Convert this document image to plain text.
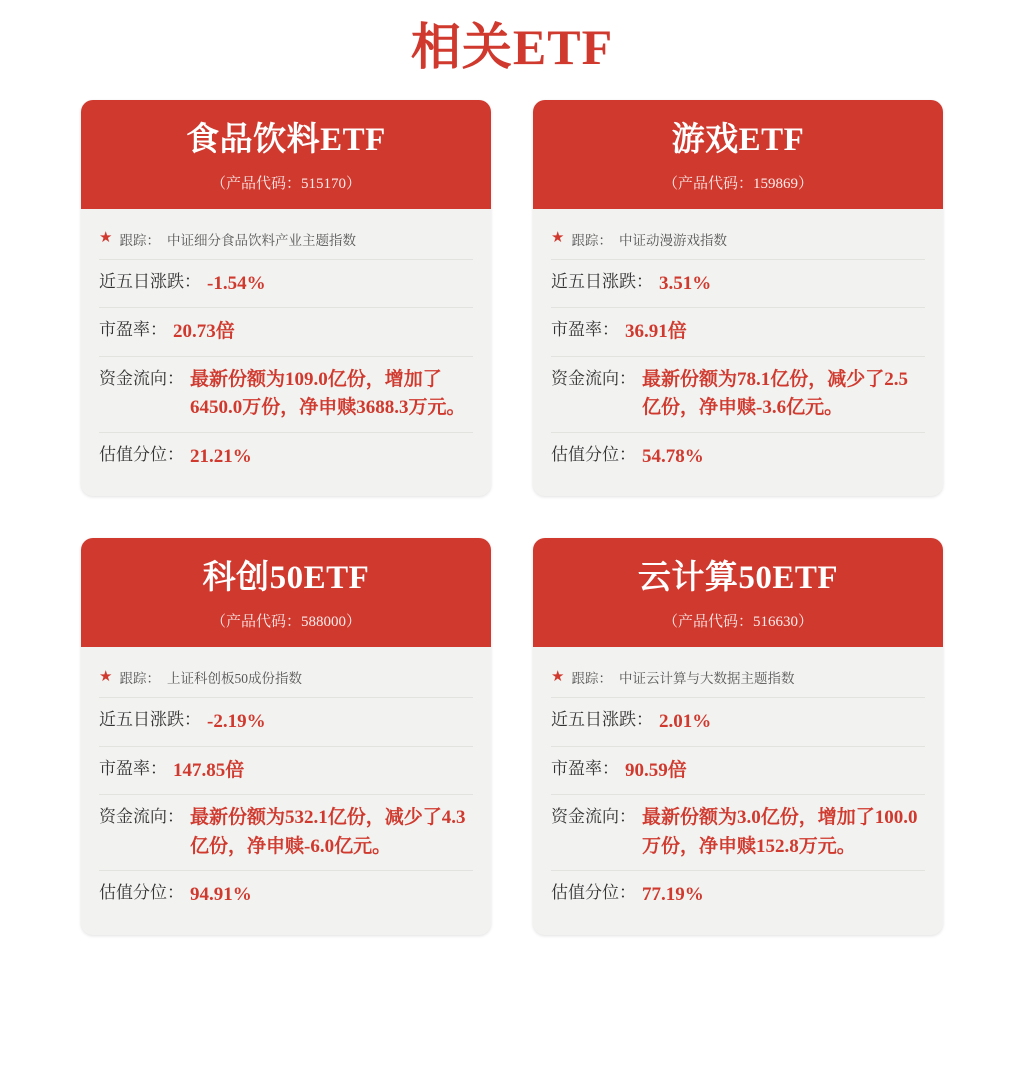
相关ETF
食品饮料ETF
（产品代码：515170）
★ 跟踪： 中证细分食品饮料产业主题指数
近五日涨跌： -1.54%
市盈率： 20.73倍
资金流向： 最新份额为109.0亿份，增加了6450.0万份，净申赎3688.3万元。
估值分位： 21.21%
游戏ETF
（产品代码：159869）
★ 跟踪： 中证动漫游戏指数
近五日涨跌： 3.51%
市盈率： 36.91倍
资金流向： 最新份额为78.1亿份，减少了2.5亿份，净申赎-3.6亿元。
估值分位： 54.78%
科创50ETF
（产品代码：588000）
★ 跟踪： 上证科创板50成份指数
近五日涨跌： -2.19%
市盈率： 147.85倍
资金流向： 最新份额为532.1亿份，减少了4.3亿份，净申赎-6.0亿元。
估值分位： 94.91%
云计算50ETF
（产品代码：516630）
★ 跟踪： 中证云计算与大数据主题指数
近五日涨跌： 2.01%
市盈率： 90.59倍
资金流向： 最新份额为3.0亿份，增加了100.0万份，净申赎152.8万元。
估值分位： 77.19%
